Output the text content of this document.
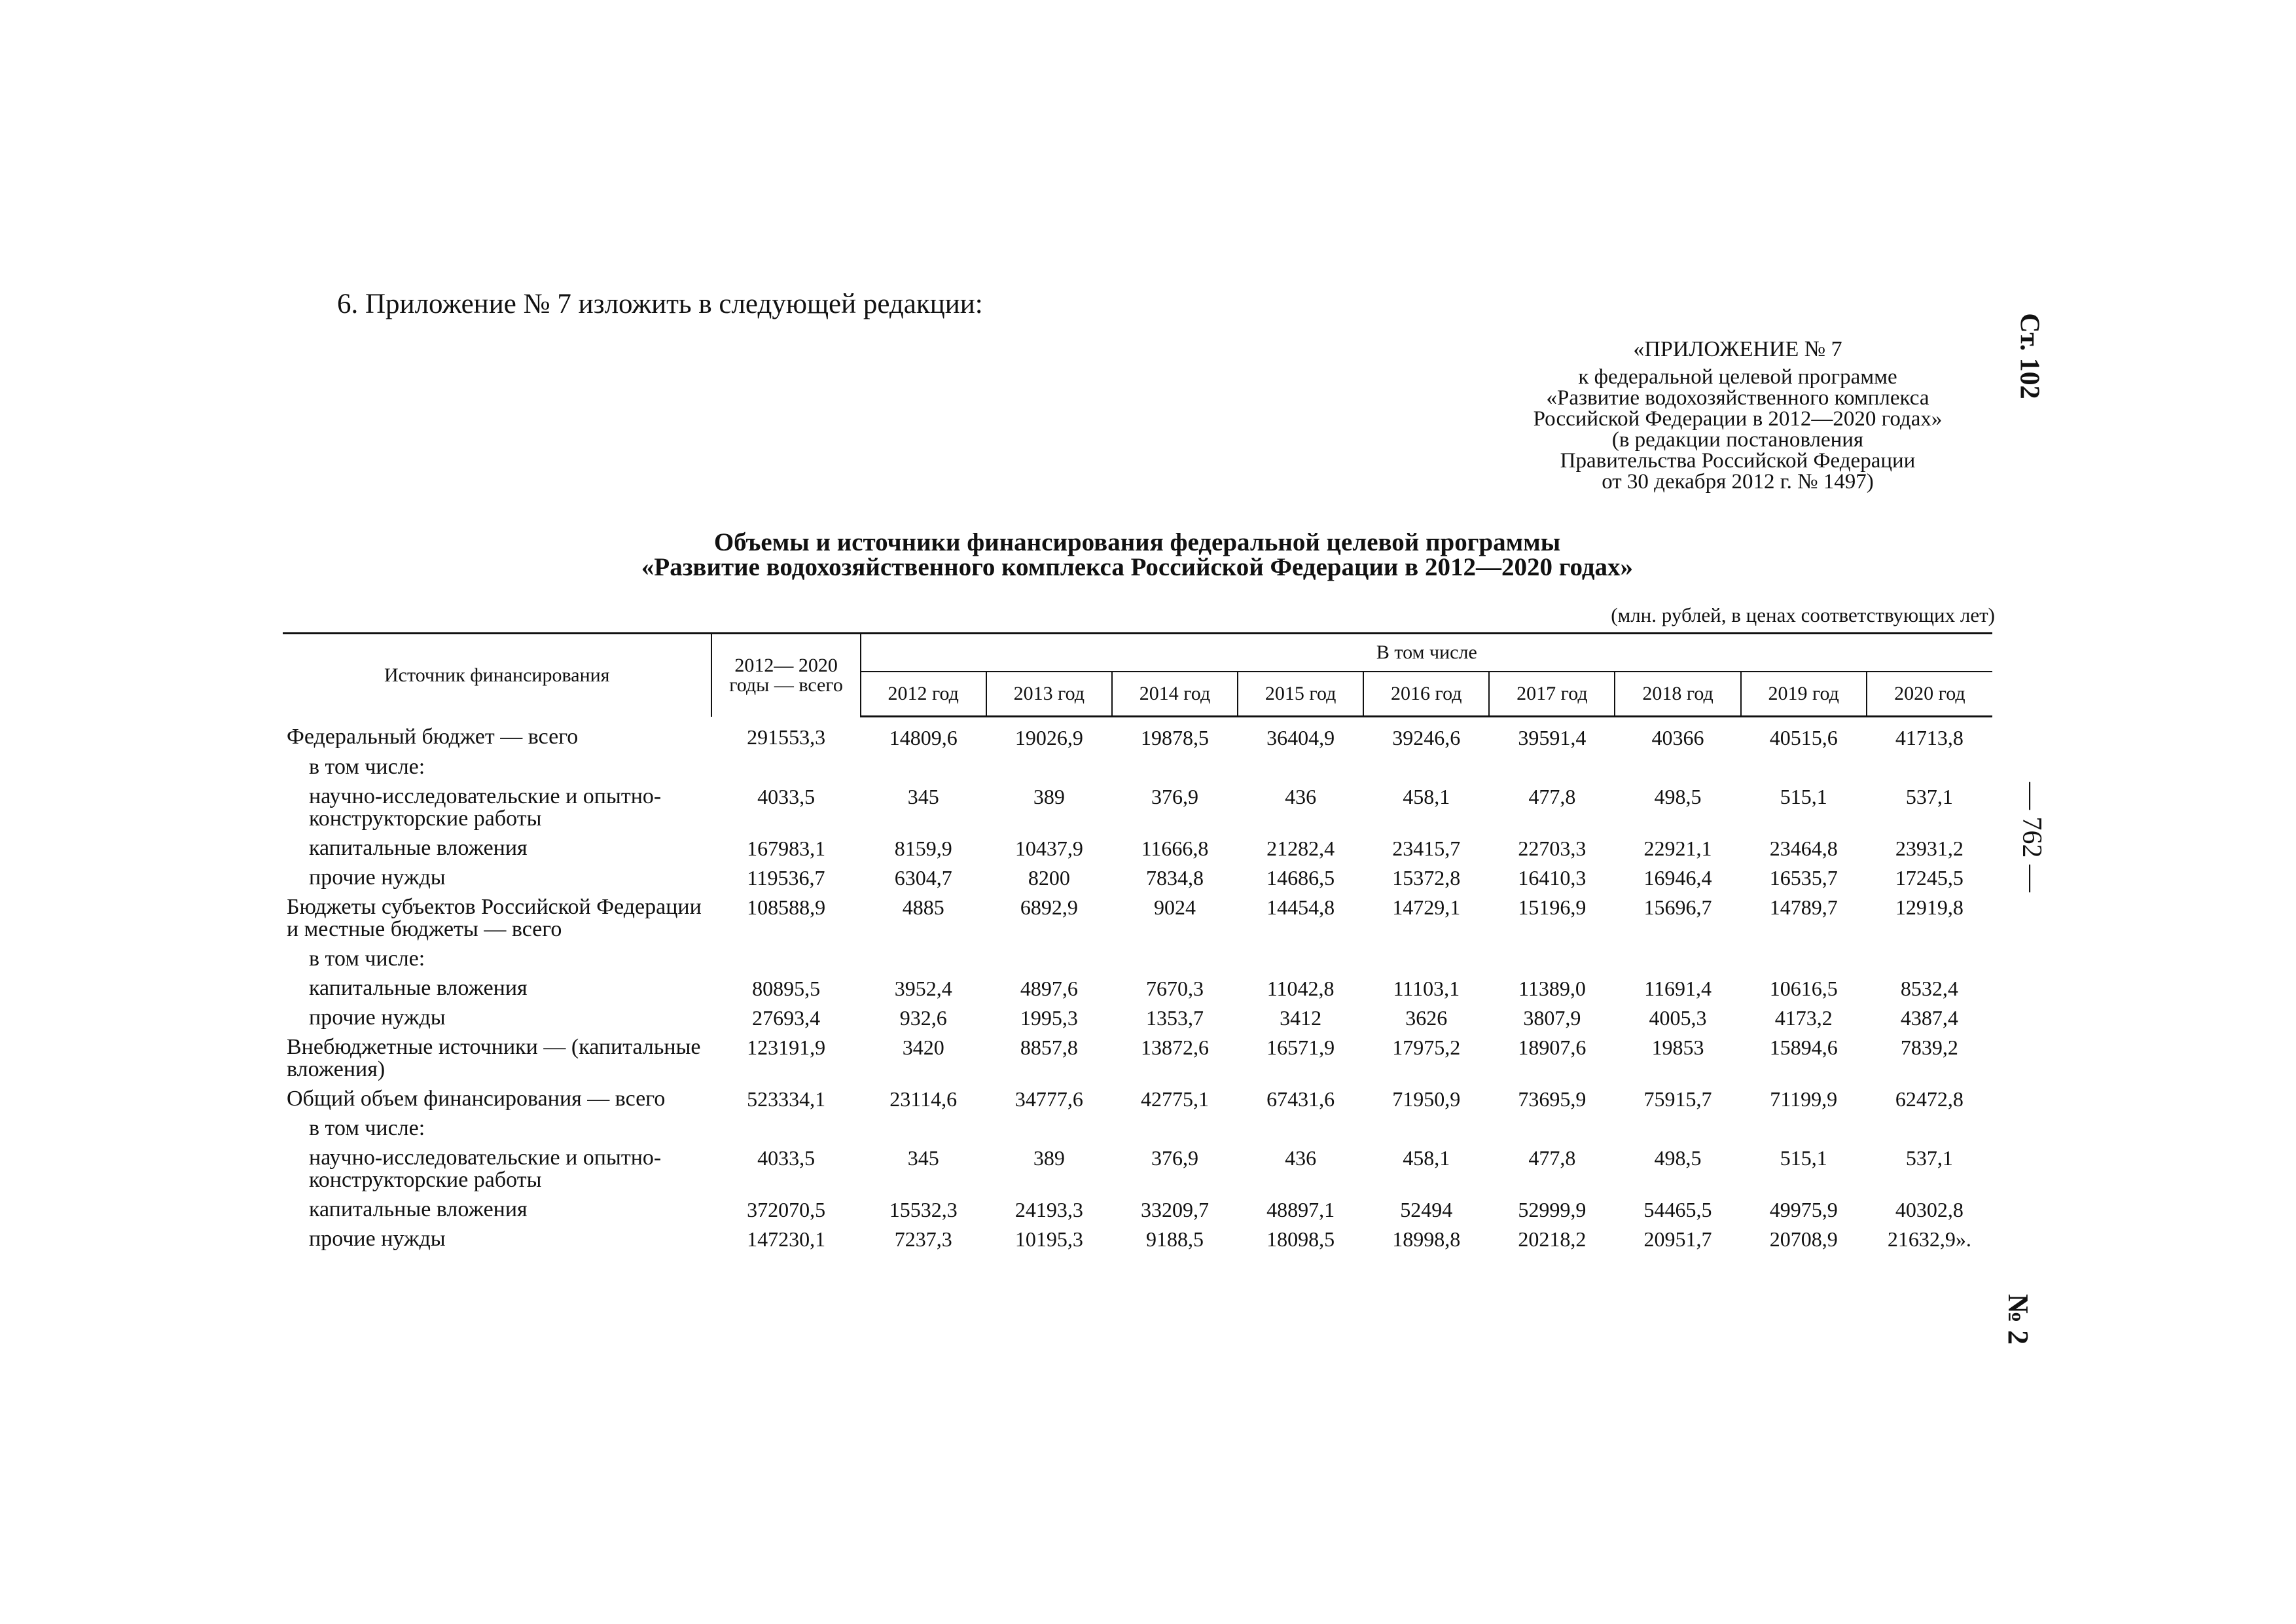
6. Приложение № 7 изложить в следующей редакции:
«ПРИЛОЖЕНИЕ № 7
к федеральной целевой программе
«Развитие водохозяйственного комплекса
Российской Федерации в 2012—2020 годах»
(в редакции постановления
Правительства Российской Федерации
от 30 декабря 2012 г. № 1497)
Объемы и источники финансирования федеральной целевой программы
«Развитие водохозяйственного комплекса Российской Федерации в 2012—2020 годах»
(млн. рублей, в ценах соответствующих лет)
Ст. 102
— 762 —
№ 2
Источник финансирования	2012— 2020 годы — всего	В том числе								
		2012 год	2013 год	2014 год	2015 год	2016 год	2017 год	2018 год	2019 год	2020 год
Федеральный бюджет — всего	291553,3	14809,6	19026,9	19878,5	36404,9	39246,6	39591,4	40366	40515,6	41713,8
в том числе:										
научно-исследовательские и опытно-конструкторские работы	4033,5	345	389	376,9	436	458,1	477,8	498,5	515,1	537,1
капитальные вложения	167983,1	8159,9	10437,9	11666,8	21282,4	23415,7	22703,3	22921,1	23464,8	23931,2
прочие нужды	119536,7	6304,7	8200	7834,8	14686,5	15372,8	16410,3	16946,4	16535,7	17245,5
Бюджеты субъектов Российской Федерации и местные бюджеты — всего	108588,9	4885	6892,9	9024	14454,8	14729,1	15196,9	15696,7	14789,7	12919,8
в том числе:										
капитальные вложения	80895,5	3952,4	4897,6	7670,3	11042,8	11103,1	11389,0	11691,4	10616,5	8532,4
прочие нужды	27693,4	932,6	1995,3	1353,7	3412	3626	3807,9	4005,3	4173,2	4387,4
Внебюджетные источники — (капитальные вложения)	123191,9	3420	8857,8	13872,6	16571,9	17975,2	18907,6	19853	15894,6	7839,2
Общий объем финансирования — всего	523334,1	23114,6	34777,6	42775,1	67431,6	71950,9	73695,9	75915,7	71199,9	62472,8
в том числе:										
научно-исследовательские и опытно-конструкторские работы	4033,5	345	389	376,9	436	458,1	477,8	498,5	515,1	537,1
капитальные вложения	372070,5	15532,3	24193,3	33209,7	48897,1	52494	52999,9	54465,5	49975,9	40302,8
прочие нужды	147230,1	7237,3	10195,3	9188,5	18098,5	18998,8	20218,2	20951,7	20708,9	21632,9».
